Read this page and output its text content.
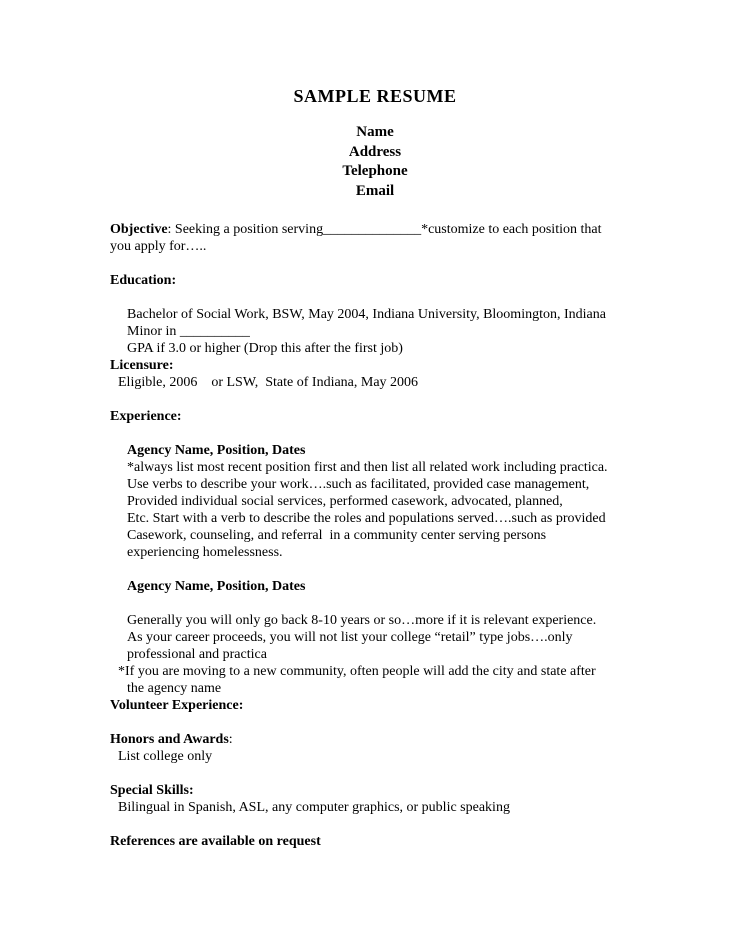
SAMPLE RESUME
Name
Address
Telephone
Email
Objective: Seeking a position serving______________*customize to each position that
you apply for…..
Education:
Bachelor of Social Work, BSW, May 2004, Indiana University, Bloomington, Indiana
Minor in __________
GPA if 3.0 or higher (Drop this after the first job)
Licensure:
Eligible, 2006    or LSW,  State of Indiana, May 2006
Experience:
Agency Name, Position, Dates
*always list most recent position first and then list all related work including practica.
Use verbs to describe your work….such as facilitated, provided case management,
Provided individual social services, performed casework, advocated, planned,
Etc. Start with a verb to describe the roles and populations served….such as provided
Casework, counseling, and referral  in a community center serving persons
experiencing homelessness.
Agency Name, Position, Dates
Generally you will only go back 8-10 years or so…more if it is relevant experience.
As your career proceeds, you will not list your college “retail” type jobs….only
professional and practica
*If you are moving to a new community, often people will add the city and state after
the agency name
Volunteer Experience:
Honors and Awards:
List college only
Special Skills:
Bilingual in Spanish, ASL, any computer graphics, or public speaking
References are available on request
